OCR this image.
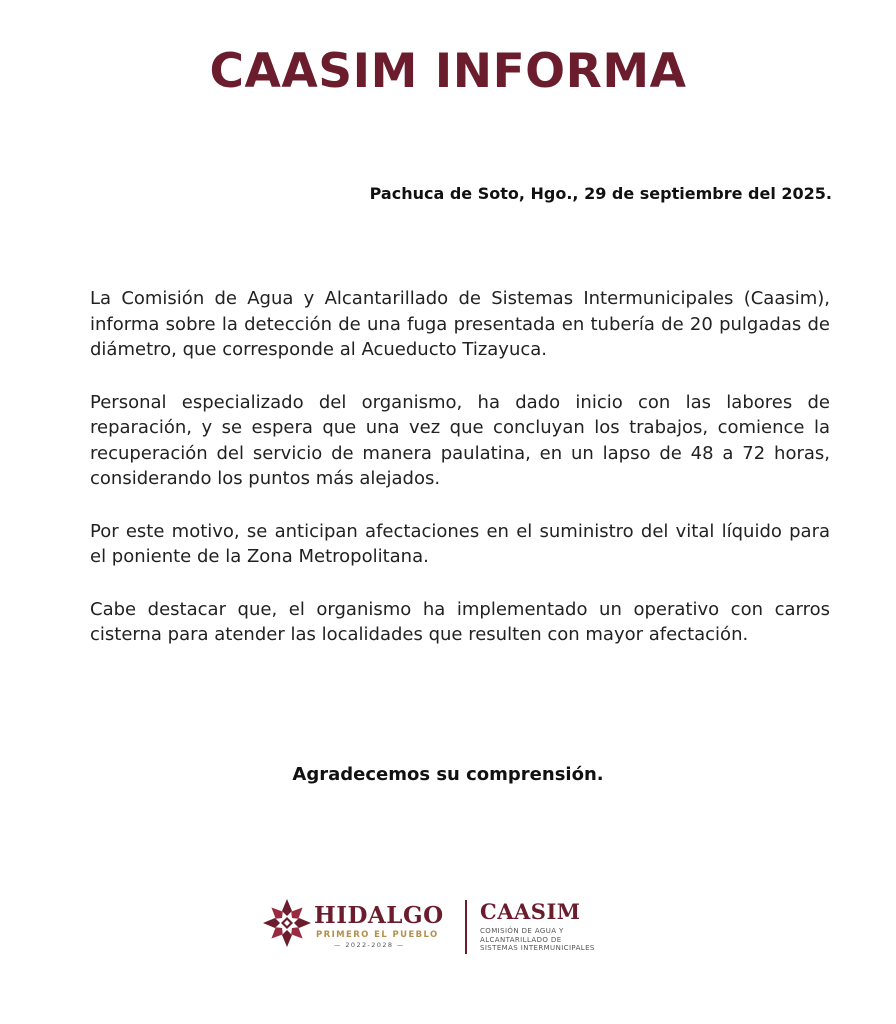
CAASIM INFORMA

Pachuca de Soto, Hgo., 29 de septiembre del 2025.

La Comisión de Agua y Alcantarillado de Sistemas Intermunicipales (Caasim), informa sobre la detección de una fuga presentada en tubería de 20 pulgadas de diámetro, que corresponde al Acueducto Tizayuca.

Personal especializado del organismo, ha dado inicio con las labores de reparación, y se espera que una vez que concluyan los trabajos, comience la recuperación del servicio de manera paulatina, en un lapso de 48 a 72 horas, considerando los puntos más alejados.

Por este motivo, se anticipan afectaciones en el suministro del vital líquido para el poniente de la Zona Metropolitana.

Cabe destacar que, el organismo ha implementado un operativo con carros cisterna para atender las localidades que resulten con mayor afectación.

Agradecemos su comprensión.

HIDALGO
PRIMERO EL PUEBLO
— 2022-2028 —
CAASIM
COMISIÓN DE AGUA Y
ALCANTARILLADO DE
SISTEMAS INTERMUNICIPALES
